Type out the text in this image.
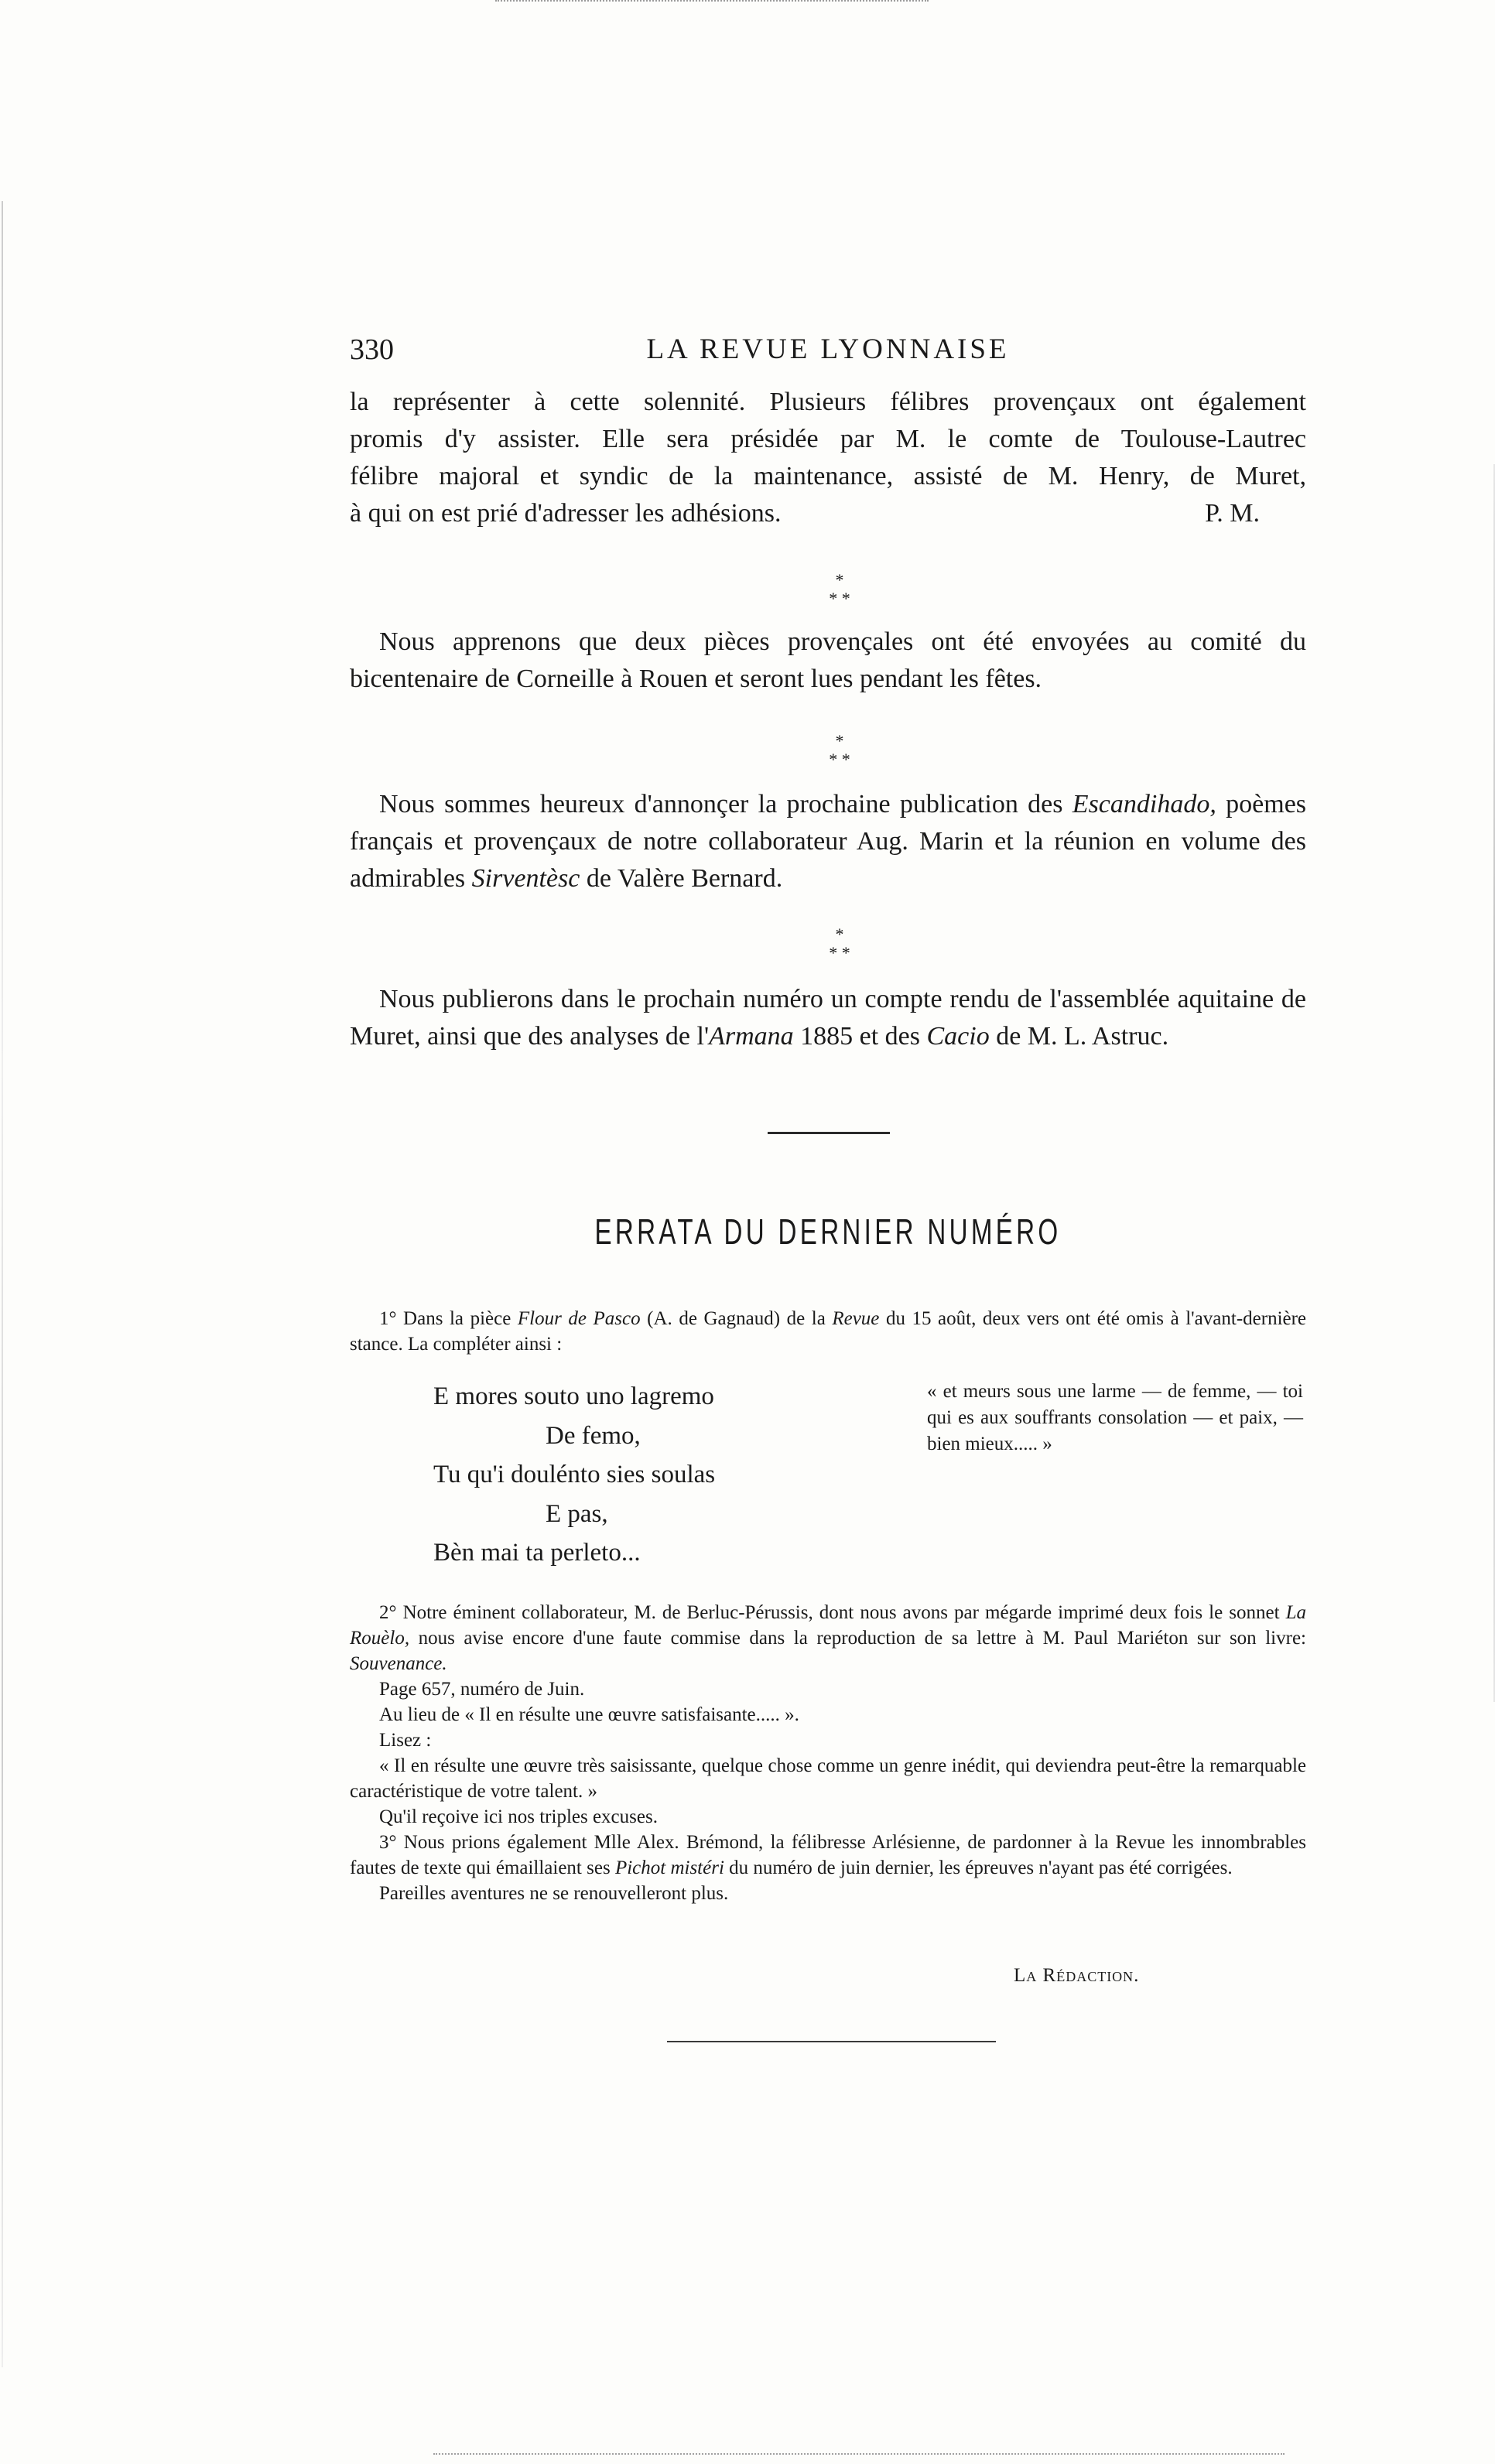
330	LA REVUE LYONNAISE
la représenter à cette solennité. Plusieurs félibres provençaux ont également
promis d'y assister. Elle sera présidée par M. le comte de Toulouse-Lautrec
félibre majoral et syndic de la maintenance, assisté de M. Henry, de Muret,
à qui on est prié d'adresser les adhésions.	P. M.
*
* *

Nous apprenons que deux pièces provençales ont été envoyées au comité du bicentenaire de Corneille à Rouen et seront lues pendant les fêtes.

*
* *

Nous sommes heureux d'annonçer la prochaine publication des Escandihado, poèmes français et provençaux de notre collaborateur Aug. Marin et la réunion en volume des admirables Sirventèsc de Valère Bernard.

*
* *

Nous publierons dans le prochain numéro un compte rendu de l'assemblée aquitaine de Muret, ainsi que des analyses de l'Armana 1885 et des Cacio de M. L. Astruc.

ERRATA DU DERNIER NUMÉRO

1° Dans la pièce Flour de Pasco (A. de Gagnaud) de la Revue du 15 août, deux vers ont été omis à l'avant-dernière stance. La compléter ainsi :

E mores souto uno lagremo
De femo,
Tu qu'i doulénto sies soulas
E pas,
Bèn mai ta perleto...
« et meurs sous une larme — de femme, — toi qui es aux souffrants consolation — et paix, — bien mieux..... »

2° Notre éminent collaborateur, M. de Berluc-Pérussis, dont nous avons par mégarde imprimé deux fois le sonnet La Rouèlo, nous avise encore d'une faute commise dans la reproduction de sa lettre à M. Paul Mariéton sur son livre: Souvenance.

Page 657, numéro de Juin.

Au lieu de « Il en résulte une œuvre satisfaisante..... ».

Lisez :

« Il en résulte une œuvre très saisissante, quelque chose comme un genre inédit, qui deviendra peut-être la remarquable caractéristique de votre talent. »

Qu'il reçoive ici nos triples excuses.

3° Nous prions également Mlle Alex. Brémond, la félibresse Arlésienne, de pardonner à la Revue les innombrables fautes de texte qui émaillaient ses Pichot mistéri du numéro de juin dernier, les épreuves n'ayant pas été corrigées.

Pareilles aventures ne se renouvelleront plus.

La Rédaction.
